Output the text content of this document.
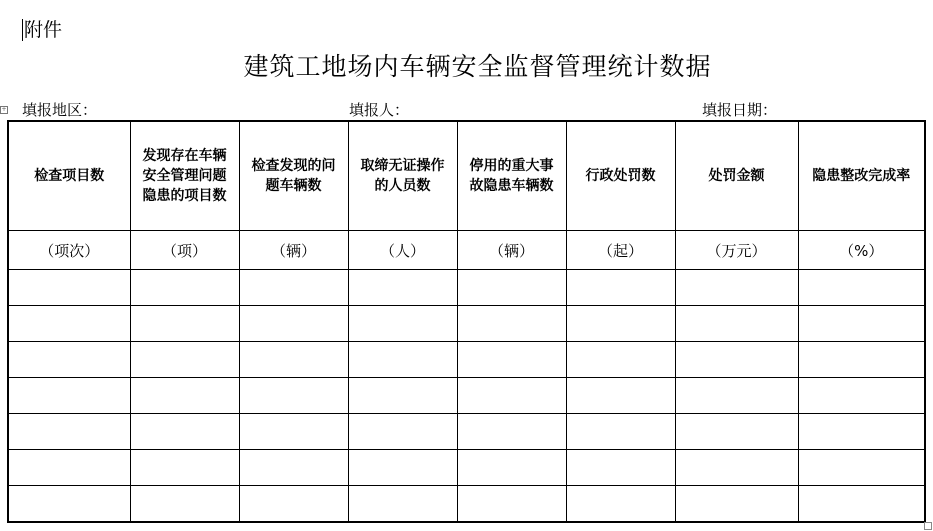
附件
建筑工地场内车辆安全监督管理统计数据
+ 填报地区：	填报人：	填报日期：
检查项目数	发现存在车辆安全管理问题隐患的项目数	检查发现的问题车辆数	取缔无证操作的人员数	停用的重大事故隐患车辆数	行政处罚数	处罚金额	隐患整改完成率
（项次）	（项）	（辆）	（人）	（辆）	（起）	（万元）	（%）
